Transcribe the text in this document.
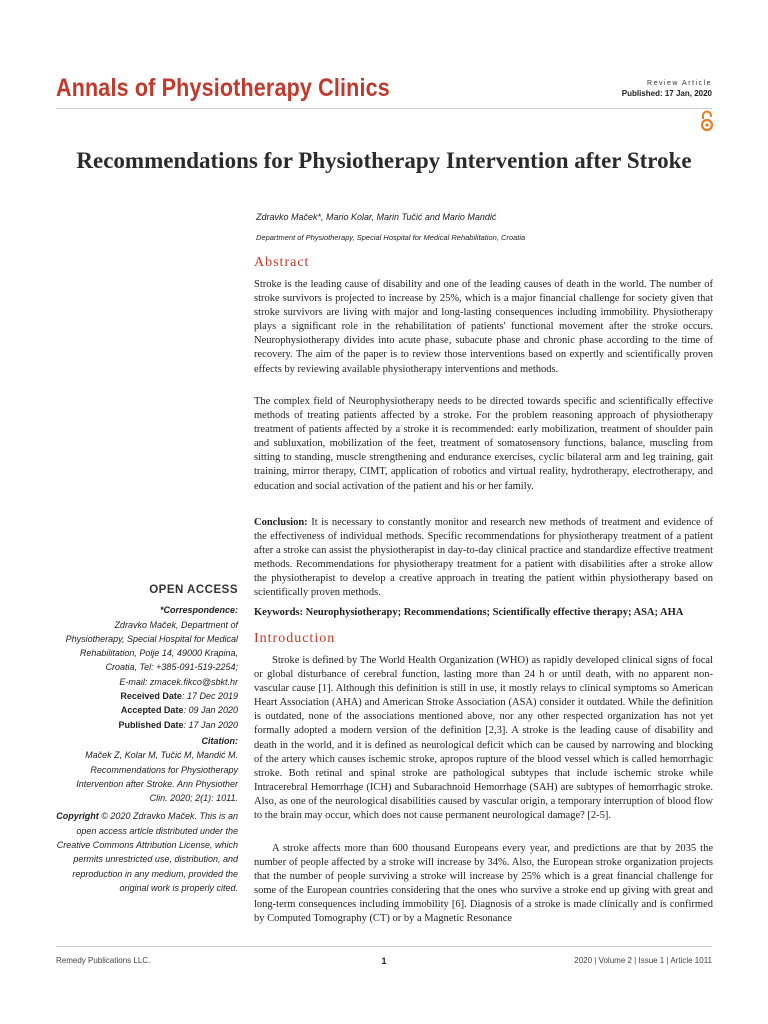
Annals of Physiotherapy Clinics	Review Article
Published: 17 Jan, 2020
Recommendations for Physiotherapy Intervention after Stroke
Zdravko Maček*, Mario Kolar, Marin Tučić and Mario Mandić
Department of Physiotherapy, Special Hospital for Medical Rehabilitation, Croatia
Abstract

Stroke is the leading cause of disability and one of the leading causes of death in the world. The number of stroke survivors is projected to increase by 25%, which is a major financial challenge for society given that stroke survivors are living with major and long-lasting consequences including immobility. Physiotherapy plays a significant role in the rehabilitation of patients' functional movement after the stroke occurs. Neurophysiotherapy divides into acute phase, subacute phase and chronic phase according to the time of recovery. The aim of the paper is to review those interventions based on expertly and scientifically proven effects by reviewing available physiotherapy interventions and methods.

The complex field of Neurophysiotherapy needs to be directed towards specific and scientifically effective methods of treating patients affected by a stroke. For the problem reasoning approach of physiotherapy treatment of patients affected by a stroke it is recommended: early mobilization, treatment of shoulder pain and subluxation, mobilization of the feet, treatment of somatosensory functions, balance, muscling from sitting to standing, muscle strengthening and endurance exercises, cyclic bilateral arm and leg training, gait training, mirror therapy, CIMT, application of robotics and virtual reality, hydrotherapy, electrotherapy, and education and social activation of the patient and his or her family.

Conclusion: It is necessary to constantly monitor and research new methods of treatment and evidence of the effectiveness of individual methods. Specific recommendations for physiotherapy treatment of a patient after a stroke can assist the physiotherapist in day-to-day clinical practice and standardize effective treatment methods. Recommendations for physiotherapy treatment for a patient with disabilities after a stroke allow the physiotherapist to develop a creative approach in treating the patient within physiotherapy based on scientifically proven methods.

Keywords: Neurophysiotherapy; Recommendations; Scientifically effective therapy; ASA; AHA

Introduction

Stroke is defined by The World Health Organization (WHO) as rapidly developed clinical signs of focal or global disturbance of cerebral function, lasting more than 24 h or until death, with no apparent non-vascular cause [1]. Although this definition is still in use, it mostly relays to clinical symptoms so American Heart Association (AHA) and American Stroke Association (ASA) consider it outdated. While the definition is outdated, none of the associations mentioned above, nor any other respected organization has not yet formally adopted a modern version of the definition [2,3]. A stroke is the leading cause of disability and death in the world, and it is defined as neurological deficit which can be caused by narrowing and blocking of the artery which causes ischemic stroke, apropos rupture of the blood vessel which is called hemorrhagic stroke. Both retinal and spinal stroke are pathological subtypes that include ischemic stroke while Intracerebral Hemorrhage (ICH) and Subarachnoid Hemorrhage (SAH) are subtypes of hemorrhagic stroke. Also, as one of the neurological disabilities caused by vascular origin, a temporary interruption of blood flow to the brain may occur, which does not cause permanent neurological damage? [2-5].

A stroke affects more than 600 thousand Europeans every year, and predictions are that by 2035 the number of people affected by a stroke will increase by 34%. Also, the European stroke organization projects that the number of people surviving a stroke will increase by 25% which is a great financial challenge for some of the European countries considering that the ones who survive a stroke end up giving with great and long-term consequences including immobility [6]. Diagnosis of a stroke is made clinically and is confirmed by Computed Tomography (CT) or by a Magnetic Resonance

OPEN ACCESS
*Correspondence:
Zdravko Maček, Department of Physiotherapy, Special Hospital for Medical Rehabilitation, Polje 14, 49000 Krapina, Croatia, Tel: +385-091-519-2254;
E-mail: zmacek.fikco@sbkt.hr
Received Date: 17 Dec 2019
Accepted Date: 09 Jan 2020
Published Date: 17 Jan 2020
Citation:
Maček Z, Kolar M, Tučić M, Mandić M. Recommendations for Physiotherapy Intervention after Stroke. Ann Physiother Clin. 2020; 2(1): 1011.
Copyright © 2020 Zdravko Maček. This is an open access article distributed under the Creative Commons Attribution License, which permits unrestricted use, distribution, and reproduction in any medium, provided the original work is properly cited.
Remedy Publications LLC.	1	2020 | Volume 2 | Issue 1 | Article 1011
